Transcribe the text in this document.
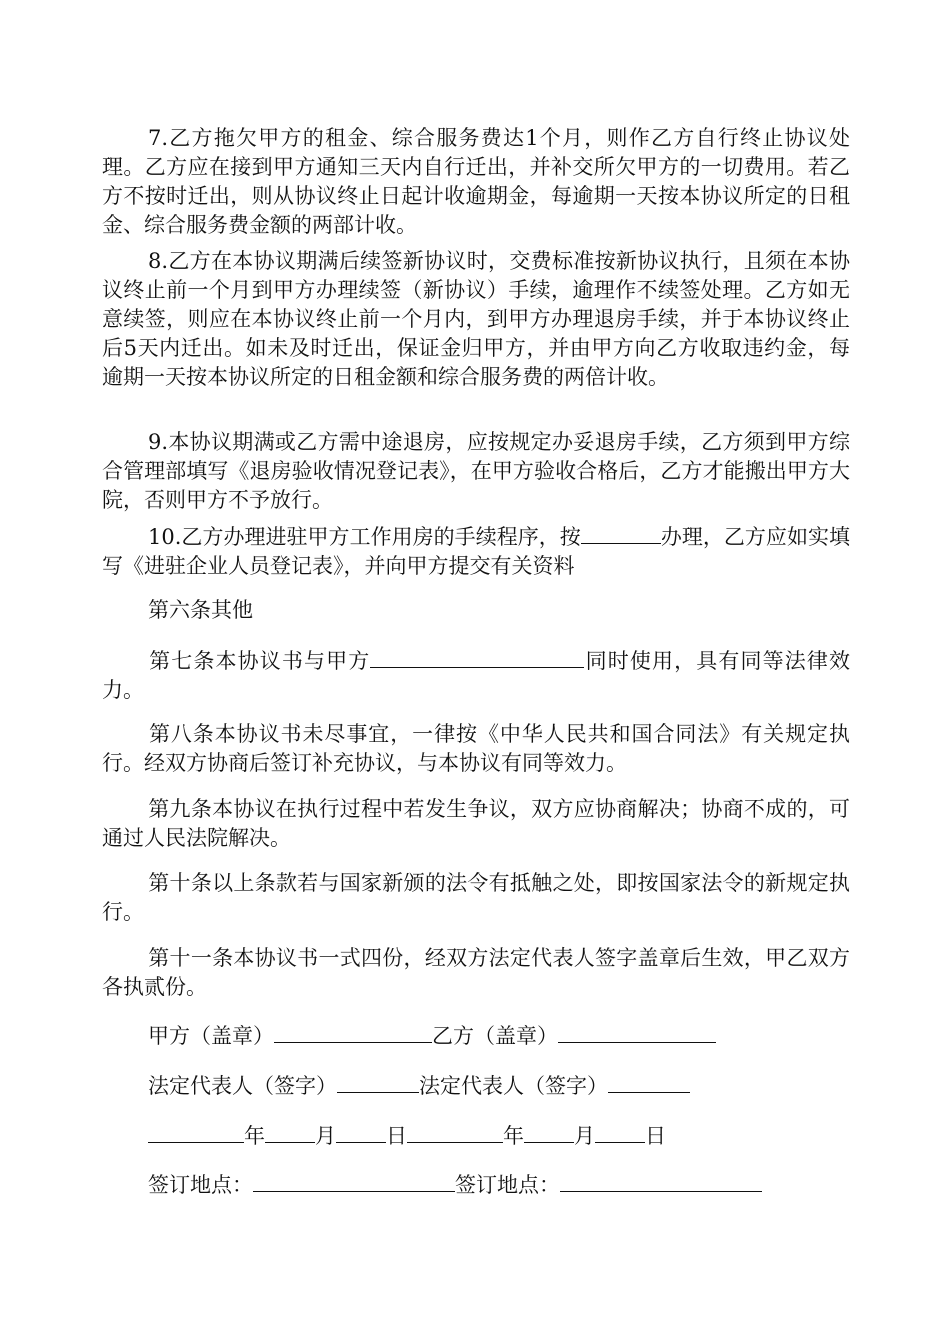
7.乙方拖欠甲方的租金、综合服务费达1个月，则作乙方自行终止协议处理。乙方应在接到甲方通知三天内自行迁出，并补交所欠甲方的一切费用。若乙方不按时迁出，则从协议终止日起计收逾期金，每逾期一天按本协议所定的日租金、综合服务费金额的两部计收。
8.乙方在本协议期满后续签新协议时，交费标准按新协议执行，且须在本协议终止前一个月到甲方办理续签（新协议）手续，逾理作不续签处理。乙方如无意续签，则应在本协议终止前一个月内，到甲方办理退房手续，并于本协议终止后5天内迁出。如未及时迁出，保证金归甲方，并由甲方向乙方收取违约金，每逾期一天按本协议所定的日租金额和综合服务费的两倍计收。
9.本协议期满或乙方需中途退房，应按规定办妥退房手续，乙方须到甲方综合管理部填写《退房验收情况登记表》，在甲方验收合格后，乙方才能搬出甲方大院，否则甲方不予放行。
10.乙方办理进驻甲方工作用房的手续程序，按	办理，乙方应如实填写《进驻企业人员登记表》，并向甲方提交有关资料
第六条其他
第七条本协议书与甲方	同时使用，具有同等法律效力。
第八条本协议书未尽事宜，一律按《中华人民共和国合同法》有关规定执行。经双方协商后签订补充协议，与本协议有同等效力。
第九条本协议在执行过程中若发生争议，双方应协商解决；协商不成的，可通过人民法院解决。
第十条以上条款若与国家新颁的法令有抵触之处，即按国家法令的新规定执行。
第十一条本协议书一式四份，经双方法定代表人签字盖章后生效，甲乙双方各执贰份。
甲方（盖章）	乙方（盖章）
法定代表人（签字）	法定代表人（签字）
年 月 日	年 月 日
签订地点：	签订地点：
